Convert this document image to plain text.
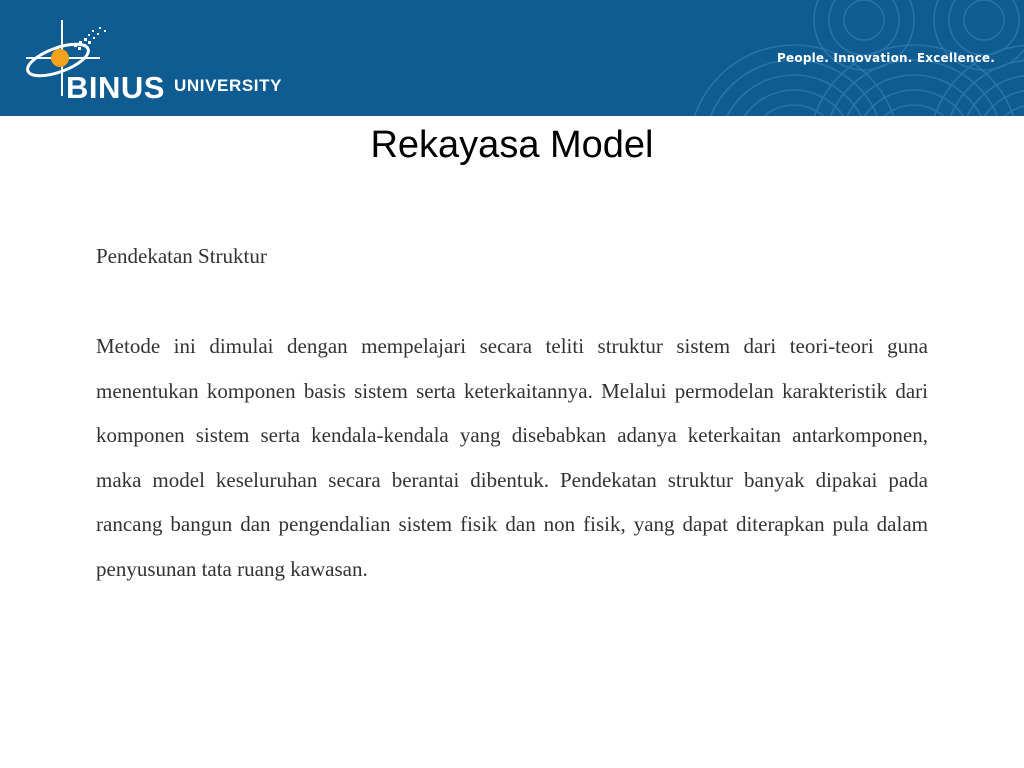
BINUS UNIVERSITY
People. Innovation. Excellence.
Rekayasa Model

Pendekatan Struktur

Metode ini dimulai dengan mempelajari secara teliti struktur sistem dari teori-teori guna menentukan komponen basis sistem serta keterkaitannya. Melalui permodelan karakteristik dari komponen sistem serta kendala-kendala yang disebabkan adanya keterkaitan antarkomponen, maka model keseluruhan secara berantai dibentuk. Pendekatan struktur banyak dipakai pada rancang bangun dan pengendalian sistem fisik dan non fisik, yang dapat diterapkan pula dalam penyusunan tata ruang kawasan.
